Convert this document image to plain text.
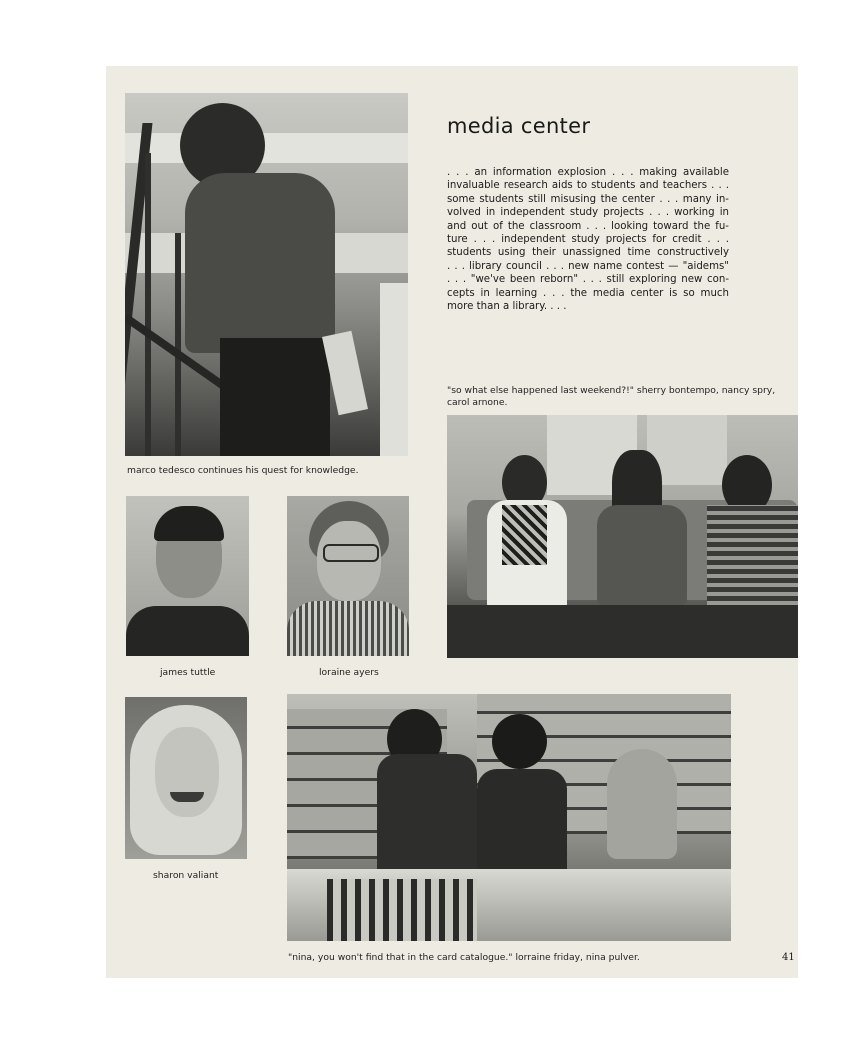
marco tedesco continues his quest for knowledge.
media center
. . . an information explosion . . . making available
invaluable research aids to students and teachers . . .
some students still misusing the center . . . many in-
volved in independent study projects . . . working in
and out of the classroom . . . looking toward the fu-
ture . . . independent study projects for credit . . .
students using their unassigned time constructively
. . . library council . . . new name contest — "aidems"
. . . "we've been reborn" . . . still exploring new con-
cepts in learning . . . the media center is so much
more than a library. . . .
"so what else happened last weekend?!" sherry bontempo, nancy spry,
carol arnone.
james tuttle	loraine ayers
sharon valiant
"nina, you won't find that in the card catalogue." lorraine friday, nina pulver.	41
